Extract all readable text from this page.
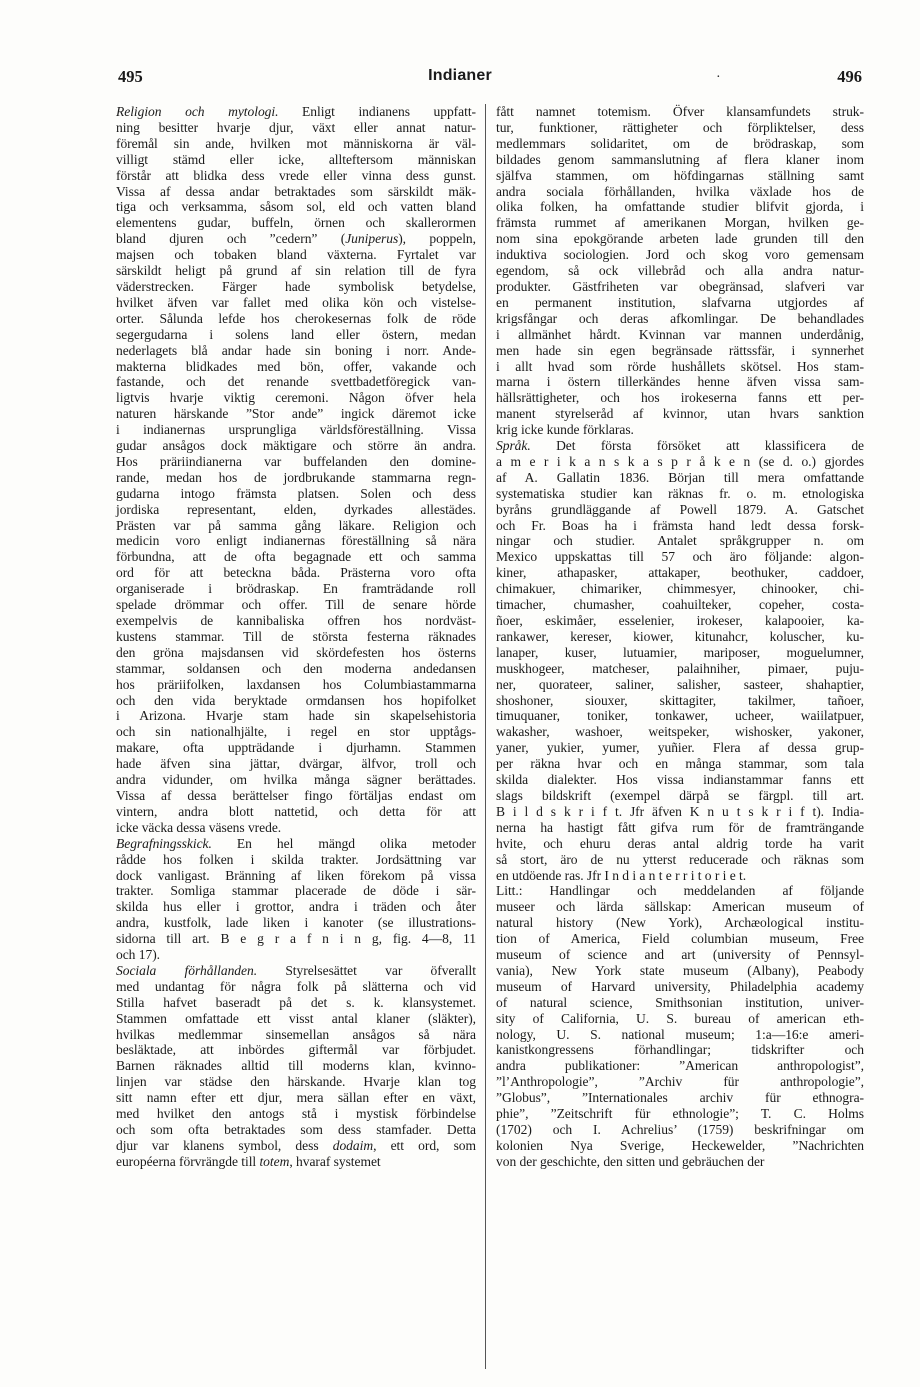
495	Indianer	·	496
Religion och mytologi. Enligt indianens uppfatt-
ning besitter hvarje djur, växt eller annat natur-
föremål sin ande, hvilken mot människorna är väl-
villigt stämd eller icke, allteftersom människan
förstår att blidka dess vrede eller vinna dess gunst.
Vissa af dessa andar betraktades som särskildt mäk-
tiga och verksamma, såsom sol, eld och vatten bland
elementens gudar, buffeln, örnen och skallerormen
bland djuren och ”cedern” (Juniperus), poppeln,
majsen och tobaken bland växterna. Fyrtalet var
särskildt heligt på grund af sin relation till de fyra
väderstrecken. Färger hade symbolisk betydelse,
hvilket äfven var fallet med olika kön och vistelse-
orter. Sålunda lefde hos cherokesernas folk de röde
segergudarna i solens land eller östern, medan
nederlagets blå andar hade sin boning i norr. Ande-
makterna blidkades med bön, offer, vakande och
fastande, och det renande svettbadetföregick van-
ligtvis hvarje viktig ceremoni. Någon öfver hela
naturen härskande ”Stor ande” ingick däremot icke
i indianernas ursprungliga världsföreställning. Vissa
gudar ansågos dock mäktigare och större än andra.
Hos präriindianerna var buffelanden den domine-
rande, medan hos de jordbrukande stammarna regn-
gudarna intogo främsta platsen. Solen och dess
jordiska representant, elden, dyrkades allestädes.
Prästen var på samma gång läkare. Religion och
medicin voro enligt indianernas föreställning så nära
förbundna, att de ofta begagnade ett och samma
ord för att beteckna båda. Prästerna voro ofta
organiserade i brödraskap. En framträdande roll
spelade drömmar och offer. Till de senare hörde
exempelvis de kannibaliska offren hos nordväst-
kustens stammar. Till de största festerna räknades
den gröna majsdansen vid skördefesten hos österns
stammar, soldansen och den moderna andedansen
hos präriifolken, laxdansen hos Columbiastammarna
och den vida beryktade ormdansen hos hopifolket
i Arizona. Hvarje stam hade sin skapelsehistoria
och sin nationalhjälte, i regel en stor upptågs-
makare, ofta uppträdande i djurhamn. Stammen
hade äfven sina jättar, dvärgar, älfvor, troll och
andra vidunder, om hvilka många sägner berättades.
Vissa af dessa berättelser fingo förtäljas endast om
vintern, andra blott nattetid, och detta för att
icke väcka dessa väsens vrede.
Begrafningsskick. En hel mängd olika metoder
rådde hos folken i skilda trakter. Jordsättning var
dock vanligast. Bränning af liken förekom på vissa
trakter. Somliga stammar placerade de döde i sär-
skilda hus eller i grottor, andra i träden och åter
andra, kustfolk, lade liken i kanoter (se illustrations-
sidorna till art. B e g r a f n i n g, fig. 4—8, 11
och 17).
Sociala förhållanden. Styrelsesättet var öfverallt
med undantag för några folk på slätterna och vid
Stilla hafvet baseradt på det s. k. klansystemet.
Stammen omfattade ett visst antal klaner (släkter),
hvilkas medlemmar sinsemellan ansågos så nära
besläktade, att inbördes giftermål var förbjudet.
Barnen räknades alltid till moderns klan, kvinno-
linjen var städse den härskande. Hvarje klan tog
sitt namn efter ett djur, mera sällan efter en växt,
med hvilket den antogs stå i mystisk förbindelse
och som ofta betraktades som dess stamfader. Detta
djur var klanens symbol, dess dodaim, ett ord, som
européerna förvrängde till totem, hvaraf systemet
fått namnet totemism. Öfver klansamfundets struk-
tur, funktioner, rättigheter och förpliktelser, dess
medlemmars solidaritet, om de brödraskap, som
bildades genom sammanslutning af flera klaner inom
själfva stammen, om höfdingarnas ställning samt
andra sociala förhållanden, hvilka växlade hos de
olika folken, ha omfattande studier blifvit gjorda, i
främsta rummet af amerikanen Morgan, hvilken ge-
nom sina epokgörande arbeten lade grunden till den
induktiva sociologien. Jord och skog voro gemensam
egendom, så ock villebråd och alla andra natur-
produkter. Gästfriheten var obegränsad, slafveri var
en permanent institution, slafvarna utgjordes af
krigsfångar och deras afkomlingar. De behandlades
i allmänhet hårdt. Kvinnan var mannen underdånig,
men hade sin egen begränsade rättssfär, i synnerhet
i allt hvad som rörde hushållets skötsel. Hos stam-
marna i östern tillerkändes henne äfven vissa sam-
hällsrättigheter, och hos irokeserna fanns ett per-
manent styrelseråd af kvinnor, utan hvars sanktion
krig icke kunde förklaras.
Språk. Det första försöket att klassificera de
a m e r i k a n s k a s p r å k e n (se d. o.) gjordes
af A. Gallatin 1836. Början till mera omfattande
systematiska studier kan räknas fr. o. m. etnologiska
byråns grundläggande af Powell 1879. A. Gatschet
och Fr. Boas ha i främsta hand ledt dessa forsk-
ningar och studier. Antalet språkgrupper n. om
Mexico uppskattas till 57 och äro följande: algon-
kiner, athapasker, attakaper, beothuker, caddoer,
chimakuer, chimariker, chimmesyer, chinooker, chi-
timacher, chumasher, coahuilteker, copeher, costa-
ñoer, eskimåer, esselenier, irokeser, kalapooier, ka-
rankawer, kereser, kiower, kitunahcr, koluscher, ku-
lanaper, kuser, lutuamier, mariposer, moguelumner,
muskhogeer, matcheser, palaihniher, pimaer, puju-
ner, quorateer, saliner, salisher, sasteer, shahaptier,
shoshoner, siouxer, skittagiter, takilmer, tañoer,
timuquaner, toniker, tonkawer, ucheer, waiilatpuer,
wakasher, washoer, weitspeker, wishosker, yakoner,
yaner, yukier, yumer, yuñier. Flera af dessa grup-
per räkna hvar och en många stammar, som tala
skilda dialekter. Hos vissa indianstammar fanns ett
slags bildskrift (exempel därpå se färgpl. till art.
B i l d s k r i f t. Jfr äfven K n u t s k r i f t). India-
nerna ha hastigt fått gifva rum för de framträngande
hvite, och ehuru deras antal aldrig torde ha varit
så stort, äro de nu ytterst reducerade och räknas som
en utdöende ras. Jfr I n d i a n t e r r i t o r i e t.
Litt.: Handlingar och meddelanden af följande
museer och lärda sällskap: American museum of
natural history (New York), Archæological institu-
tion of America, Field columbian museum, Free
museum of science and art (university of Pennsyl-
vania), New York state museum (Albany), Peabody
museum of Harvard university, Philadelphia academy
of natural science, Smithsonian institution, univer-
sity of California, U. S. bureau of american eth-
nology, U. S. national museum; 1:a—16:e ameri-
kanistkongressens förhandlingar; tidskrifter och
andra publikationer: ”American anthropologist”,
”l’Anthropologie”, ”Archiv für anthropologie”,
”Globus”, ”Internationales archiv für ethnogra-
phie”, ”Zeitschrift für ethnologie”; T. C. Holms
(1702) och I. Achrelius’ (1759) beskrifningar om
kolonien Nya Sverige, Heckewelder, ”Nachrichten
von der geschichte, den sitten und gebräuchen der
